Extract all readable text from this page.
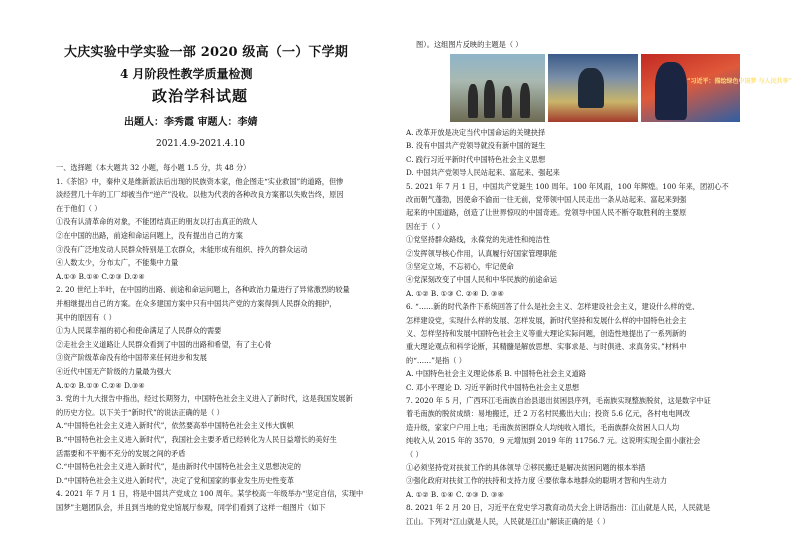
大庆实验中学实验一部 2020 级高（一）下学期
4 月阶段性教学质量检测
政治学科试题
出题人：李秀霞 审题人：李婧
2021.4.9-2021.4.10
一、选择题（本大题共 32 小题，每小题 1.5 分，共 48 分）
1.《茶馆》中，秦仲义是维新派法后出现的民族资本家，他企图走“实业救国”的道路，但惨
淡经营几十年的工厂却被当作“逆产”没收。以他为代表的各种改良方案都以失败告终，原因
在于他们（ ）
①没有认清革命的对象，不能团结真正的朋友以打击真正的敌人
②在中国的出路，前途和命运问题上，没有提出自己的方案
③没有广泛地发动人民群众特别是工农群众，未能形成有组织、持久的群众运动
④人数太少，分布太广，不能集中力量
A.①③ B.①④ C.②③ D.②④
2. 20 世纪上半叶，在中国的出路、前途和命运问题上，各种政治力量进行了异常激烈的较量
并相继提出自己的方案。在众多建国方案中只有中国共产党的方案得到人民群众的拥护，
其中的原因有（ ）
①为人民谋幸福的初心和使命满足了人民群众的需要
②走社会主义道路让人民群众看到了中国的出路和希望，有了主心骨
③资产阶级革命没有给中国带来任何进步和发展
④近代中国无产阶级的力量最为强大
A.①② B.①③ C.②④ D.③④
3. 党的十九大报告中指出，经过长期努力，中国特色社会主义进入了新时代，这是我国发展新
的历史方位。以下关于“新时代”的说法正确的是（ ）
A.“中国特色社会主义进入新时代”，依然要高举中国特色社会主义伟大旗帜
B.“中国特色社会主义进入新时代”，我国社会主要矛盾已经转化为人民日益增长的美好生
活需要和不平衡不充分的发展之间的矛盾
C.“中国特色社会主义进入新时代”，是由新时代中国特色社会主义思想决定的
D.“中国特色社会主义进入新时代”，决定了党和国家的事业发生历史性变革
4. 2021 年 7 月 1 日，将是中国共产党成立 100 周年。某学校高一年级举办“坚定自信，实现中
国梦”主题团队会，并且到当地的党史馆展厅参观，同学们看到了这样一组图片（如下
图）。这组图片反映的主题是（ ）
“习近平：描绘绿色中国梦 与人民共享”
A. 改革开放是决定当代中国命运的关键抉择
B. 没有中国共产党领导就没有新中国的诞生
C. 践行习近平新时代中国特色社会主义思想
D. 中国共产党领导人民站起来、富起来、强起来
5. 2021 年 7 月 1 日，中国共产党诞生 100 周年。100 年风雨，100 年辉煌。100 年来，团初心不
改而朝气蓬勃，因使命不渝而一往无前，党带领中国人民走出一条从站起来、富起来到强
起来的中国道路，创造了让世界惊叹的中国奇迹。党领导中国人民不断夺取胜利的主要原
因在于（ ）
①党坚持群众路线，永葆党的先进性和纯洁性
②发挥领导核心作用，认真履行好国家管理职能
③坚定立场，不忘初心，牢记使命
④党深刻改变了中国人民和中华民族的前途命运
A. ①② B. ①③ C. ②④ D. ③④
6. “……新的时代条件下系统回答了什么是社会主义、怎样建设社会主义，建设什么样的党、
怎样建设党，实现什么样的发展、怎样发展，新时代坚持和发展什么样的中国特色社会主
义、怎样坚持和发展中国特色社会主义等重大理论实际问题，创造性地提出了一系列新的
重大理论观点和科学论断，其精髓是解放思想、实事求是、与时俱进、求真务实。”材料中
的“……”是指（ ）
A. 中国特色社会主义理论体系 B. 中国特色社会主义道路
C. 邓小平理论 D. 习近平新时代中国特色社会主义思想
7. 2020 年 5 月，广西环江毛南族自治县退出贫困县序列，毛南族实现整族脱贫，这是数字中证
着毛南族的脱贫成绩：易地搬迁，迁 2 万名村民搬出大山；投资 5.6 亿元，各村电电网改
造升级，家家户户用上电；毛南族贫困群众人均纯收入增长，毛南族群众贫困人口人均
纯收入从 2015 年的 3570．9 元增加到 2019 年的 11756.7 元。这说明实现全面小康社会
（ ）
①必须坚持党对扶贫工作的具体领导 ②移民搬迁是解决贫困问题的根本举措
③强化政府对扶贫工作的扶持和支持力度 ④要依靠本地群众的聪明才智和内生动力
A. ①② B. ①④ C. ②③ D. ③④
8. 2021 年 2 月 20 日，习近平在党史学习教育动员大会上讲话指出：江山就是人民，人民就是
江山。下列对“江山就是人民，人民就是江山”解读正确的是（ ）
